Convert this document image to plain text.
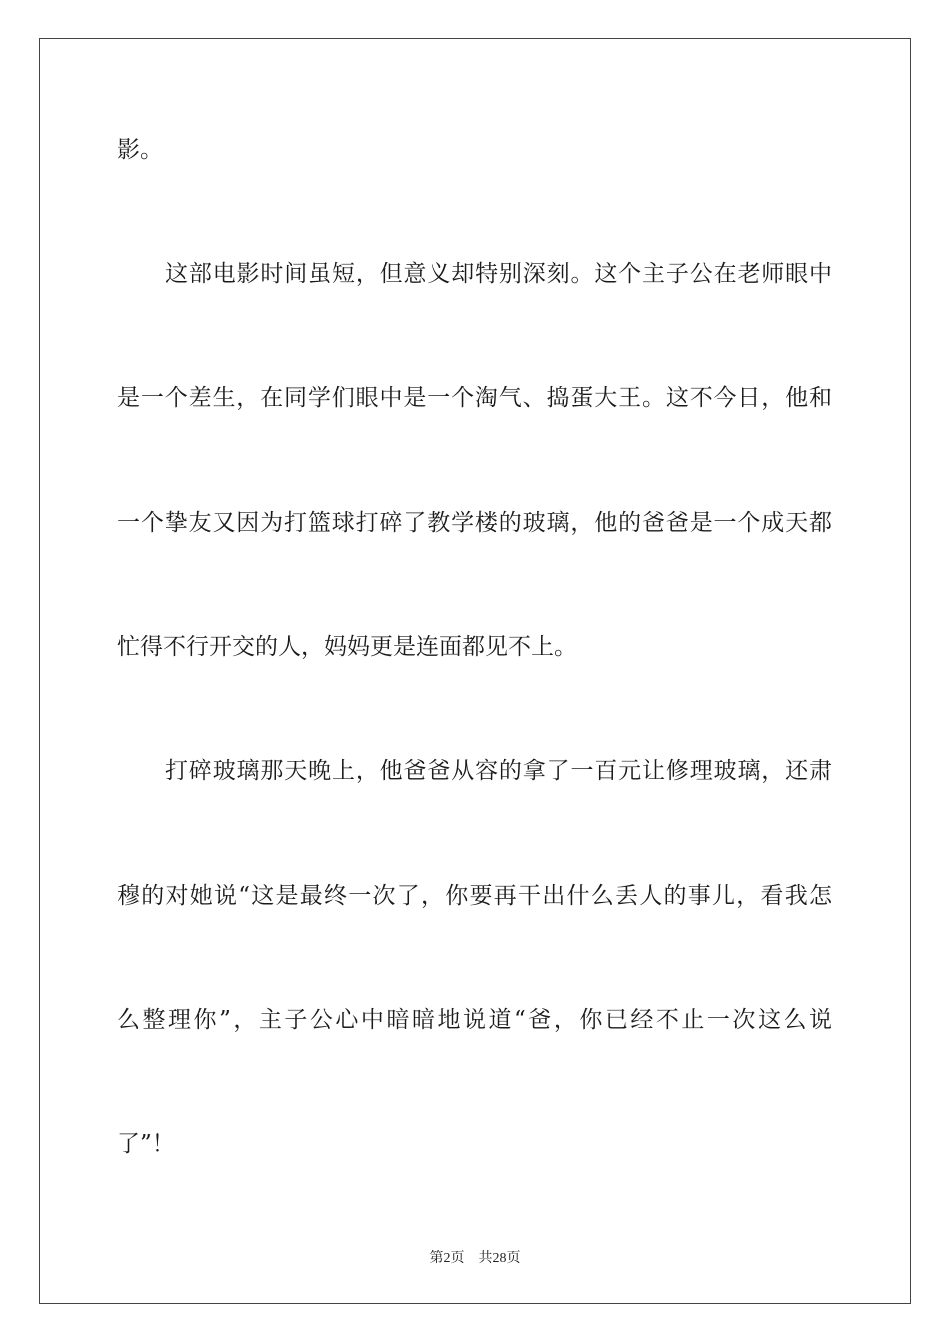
影。
这部电影时间虽短，但意义却特别深刻。这个主子公在老师眼中
是一个差生，在同学们眼中是一个淘气、捣蛋大王。这不今日，他和
一个挚友又因为打篮球打碎了教学楼的玻璃，他的爸爸是一个成天都
忙得不行开交的人，妈妈更是连面都见不上。
打碎玻璃那天晚上，他爸爸从容的拿了一百元让修理玻璃，还肃
穆的对她说“这是最终一次了，你要再干出什么丢人的事儿，看我怎
么整理你”，主子公心中暗暗地说道“爸，你已经不止一次这么说
了”！
第2页 共28页
